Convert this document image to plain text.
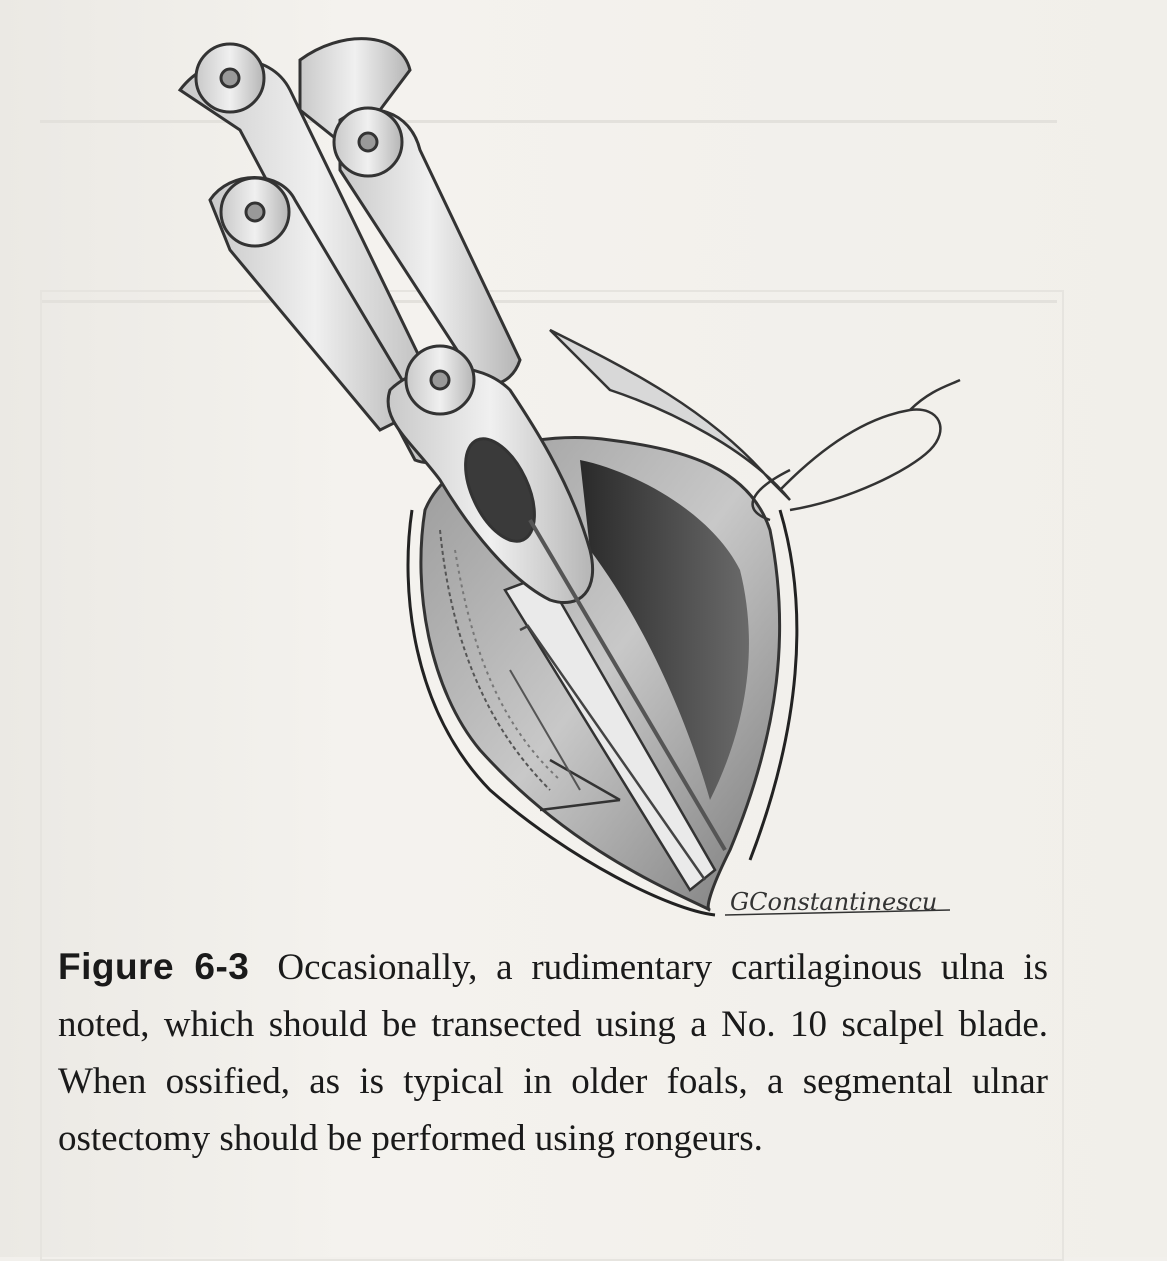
GConstantinescu
Figure 6-3 Occasionally, a rudimentary cartilaginous ulna is noted, which should be transected using a No. 10 scalpel blade. When ossified, as is typical in older foals, a segmental ulnar ostectomy should be performed using rongeurs.
